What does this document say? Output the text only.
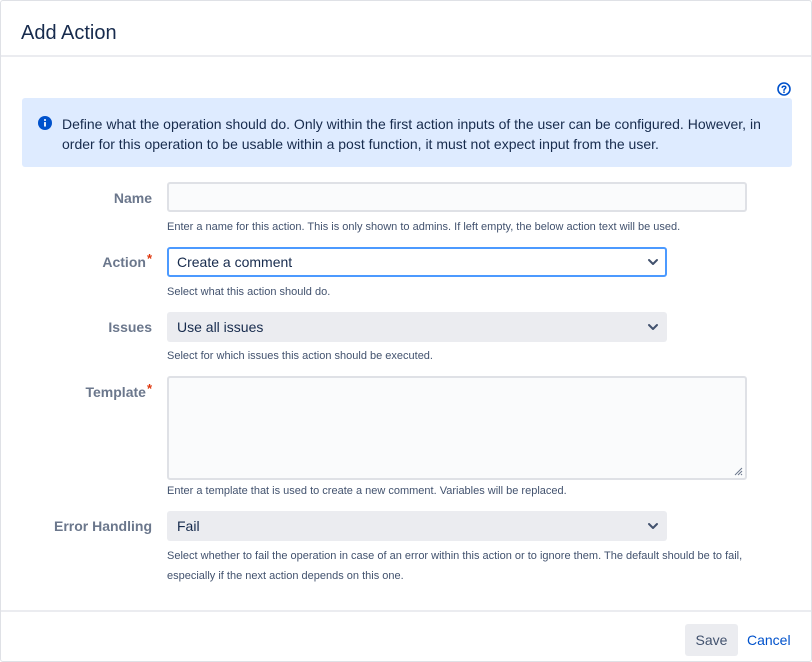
Add Action

Define what the operation should do. Only within the first action inputs of the user can be configured. However, in order for this operation to be usable within a post function, it must not expect input from the user.

Name
Enter a name for this action. This is only shown to admins. If left empty, the below action text will be used.
Action*	Create a comment
Select what this action should do.
Issues	Use all issues
Select for which issues this action should be executed.
Template*
Enter a template that is used to create a new comment. Variables will be replaced.
Error Handling	Fail
Select whether to fail the operation in case of an error within this action or to ignore them. The default should be to fail,
especially if the next action depends on this one.
Save	Cancel
